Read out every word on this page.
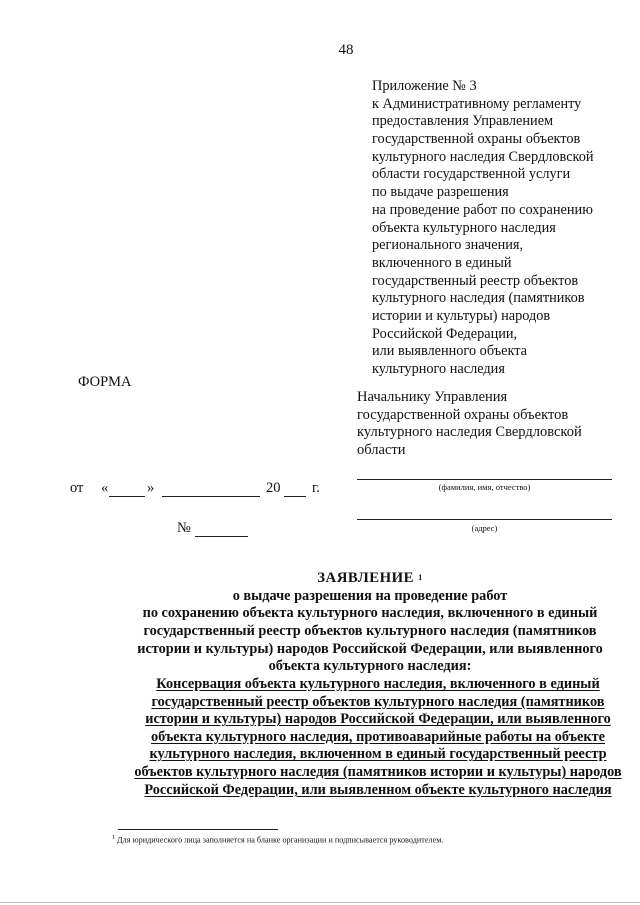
48
Приложение № 3
к Административному регламенту
предоставления Управлением
государственной охраны объектов
культурного наследия Свердловской
области государственной услуги
по выдаче разрешения
на проведение работ по сохранению
объекта культурного наследия
регионального значения,
включенного в единый
государственный реестр объектов
культурного наследия (памятников
истории и культуры) народов
Российской Федерации,
или выявленного объекта
культурного наследия
ФОРМА
Начальнику Управления
государственной охраны объектов
культурного наследия Свердловской
области
(фамилия, имя, отчество)
(адрес)
от «	»	20 г.
№
ЗАЯВЛЕНИЕ $^1$
о выдаче разрешения на проведение работ
по сохранению объекта культурного наследия, включенного в единый
государственный реестр объектов культурного наследия (памятников
истории и культуры) народов Российской Федерации, или выявленного
объекта культурного наследия:
Консервация объекта культурного наследия, включенного в единый
государственный реестр объектов культурного наследия (памятников
истории и культуры) народов Российской Федерации, или выявленного
объекта культурного наследия, противоаварийные работы на объекте
культурного наследия, включенном в единый государственный реестр
объектов культурного наследия (памятников истории и культуры) народов
Российской Федерации, или выявленном объекте культурного наследия
$^1$ Для юридического лица заполняется на бланке организации и подписывается руководителем.
